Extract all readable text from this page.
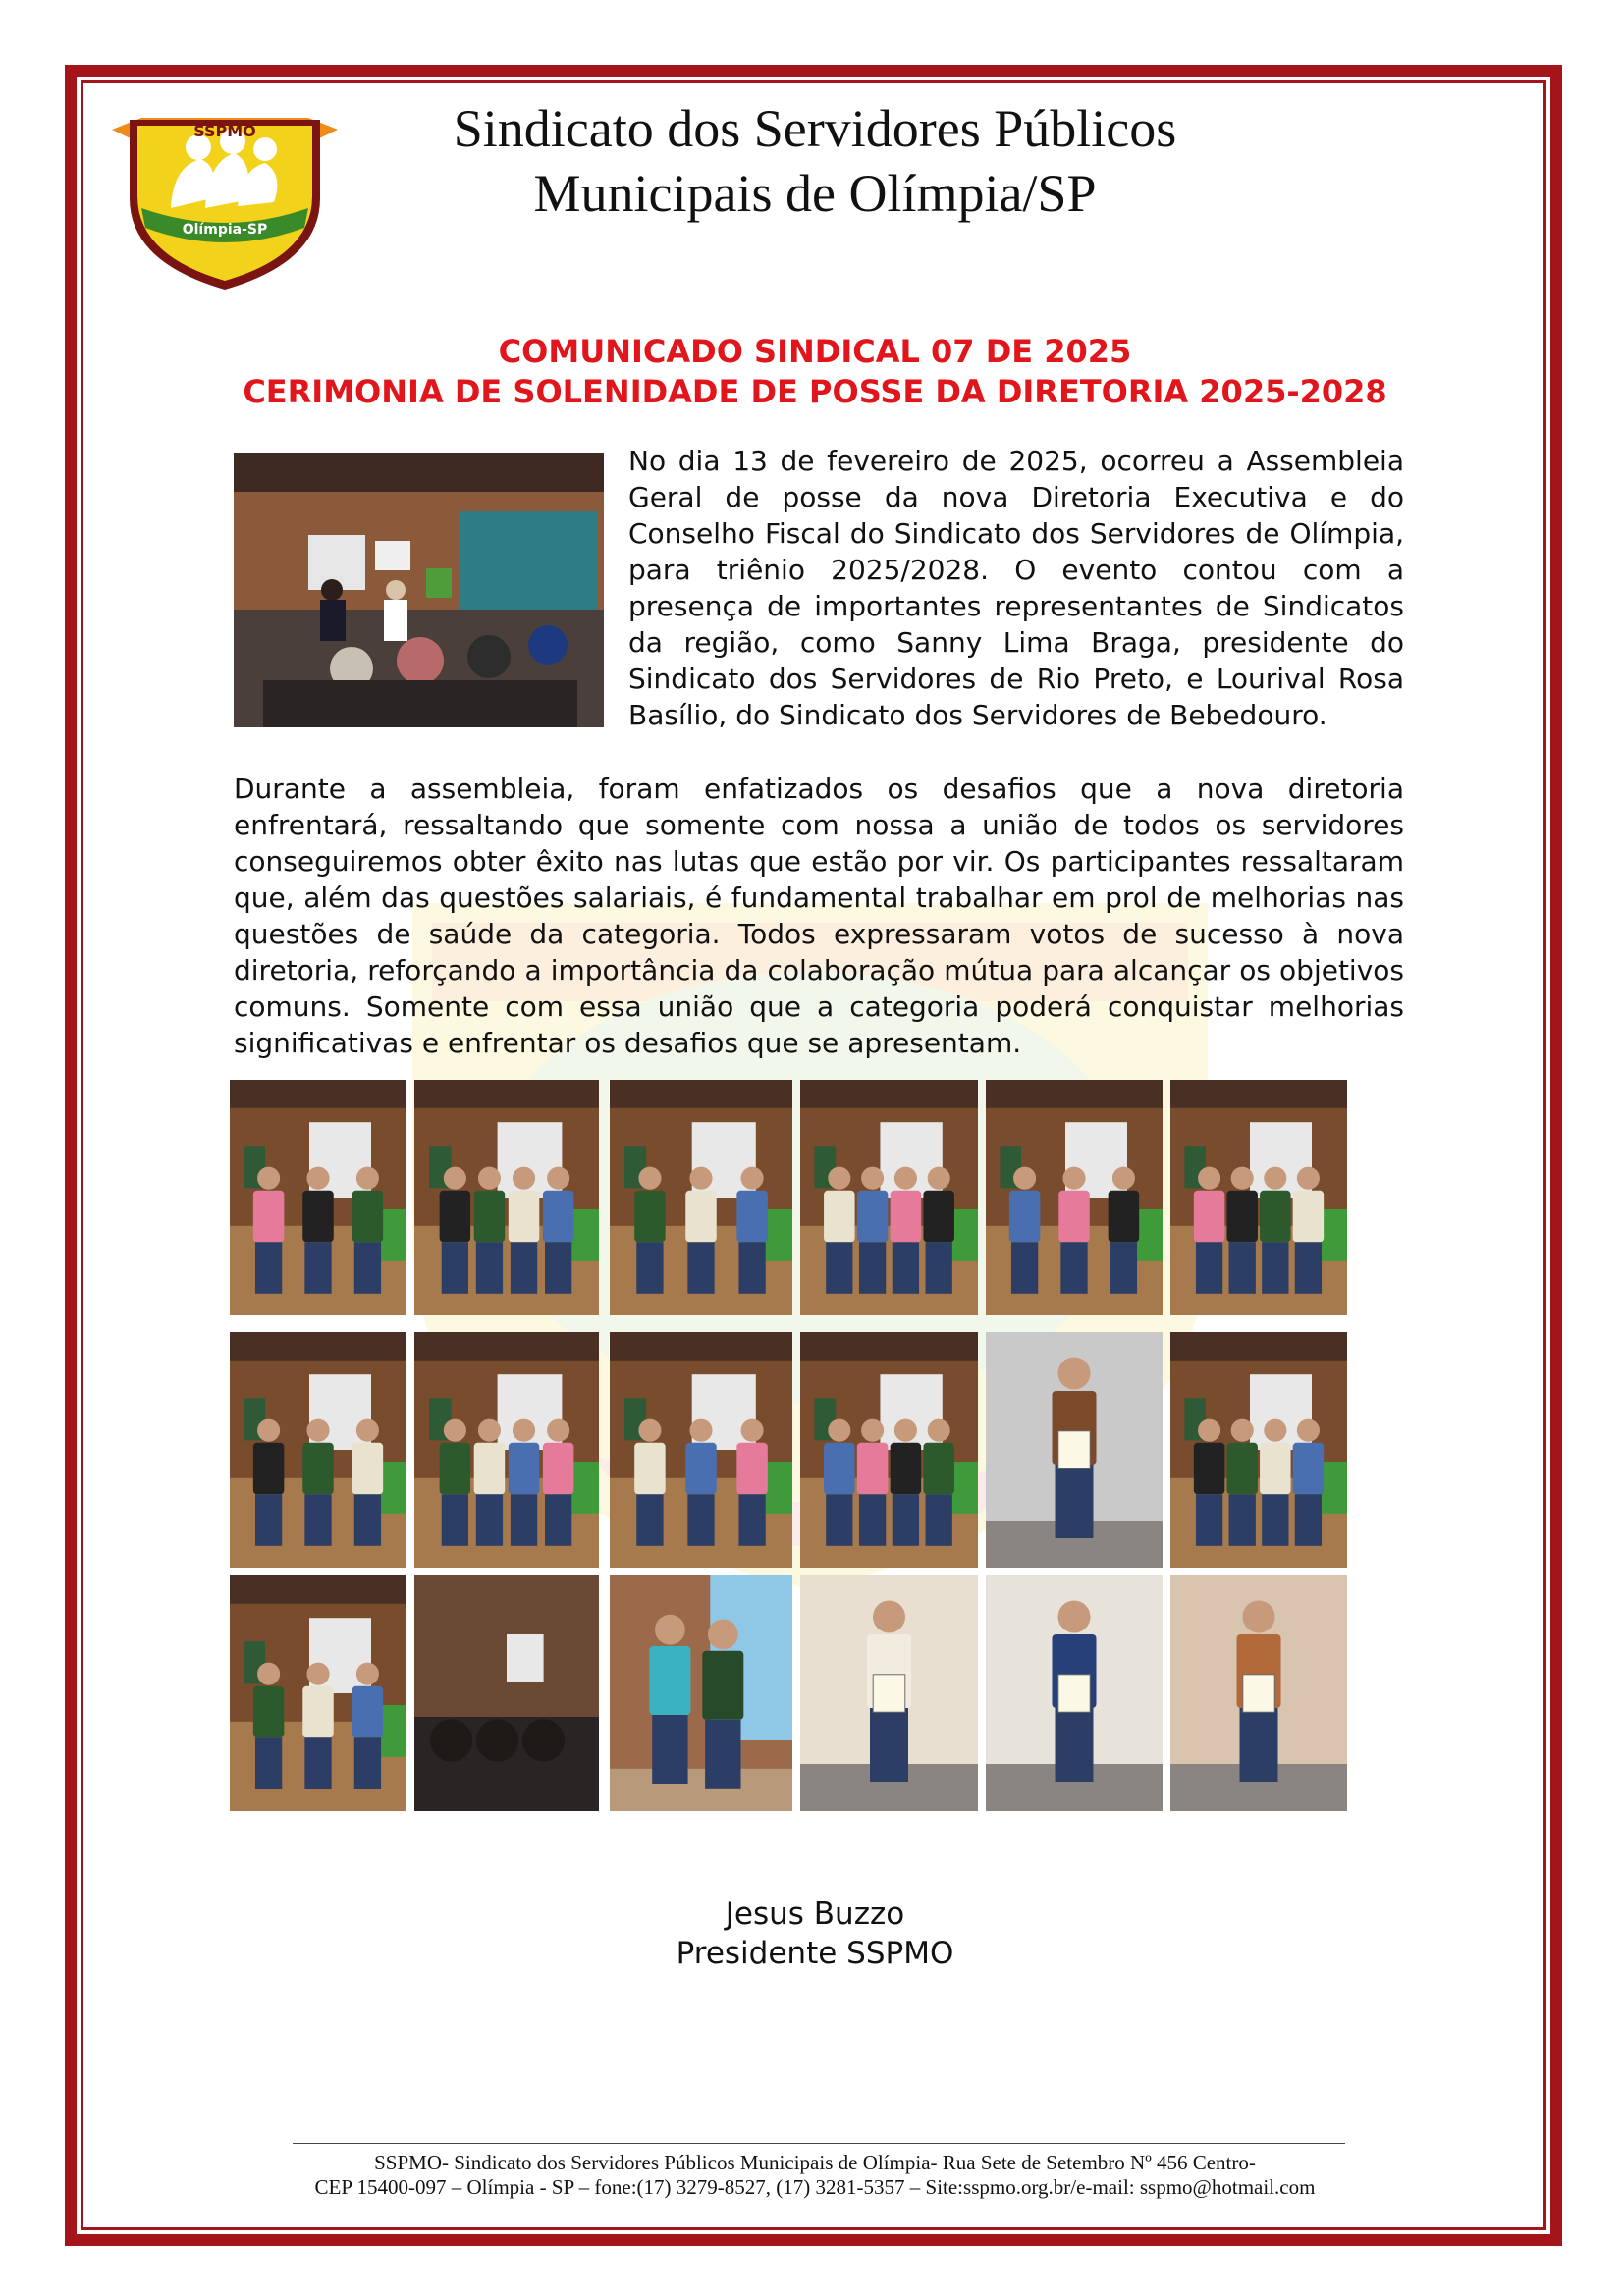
SSPMO
Olímpia-SP
Sindicato dos Servidores Públicos
Municipais de Olímpia/SP
COMUNICADO SINDICAL 07 DE 2025
CERIMONIA DE SOLENIDADE DE POSSE DA DIRETORIA 2025-2028
No dia 13 de fevereiro de 2025, ocorreu a Assembleia Geral de posse da nova Diretoria Executiva e do Conselho Fiscal do Sindicato dos Servidores de Olímpia, para triênio 2025/2028. O evento contou com a presença de importantes representantes de Sindicatos da região, como Sanny Lima Braga, presidente do Sindicato dos Servidores de Rio Preto, e Lourival Rosa Basílio, do Sindicato dos Servidores de Bebedouro.
Durante a assembleia, foram enfatizados os desafios que a nova diretoria enfrentará, ressaltando que somente com nossa a união de todos os servidores conseguiremos obter êxito nas lutas que estão por vir. Os participantes ressaltaram que, além das questões salariais, é fundamental trabalhar em prol de melhorias nas questões de saúde da categoria. Todos expressaram votos de sucesso à nova diretoria, reforçando a importância da colaboração mútua para alcançar os objetivos comuns. Somente com essa união que a categoria poderá conquistar melhorias significativas e enfrentar os desafios que se apresentam.
Jesus Buzzo
Presidente SSPMO
SSPMO- Sindicato dos Servidores Públicos Municipais de Olímpia- Rua Sete de Setembro Nº 456 Centro-
CEP 15400-097 – Olímpia - SP – fone:(17) 3279-8527, (17) 3281-5357 – Site:sspmo.org.br/e-mail: sspmo@hotmail.com
